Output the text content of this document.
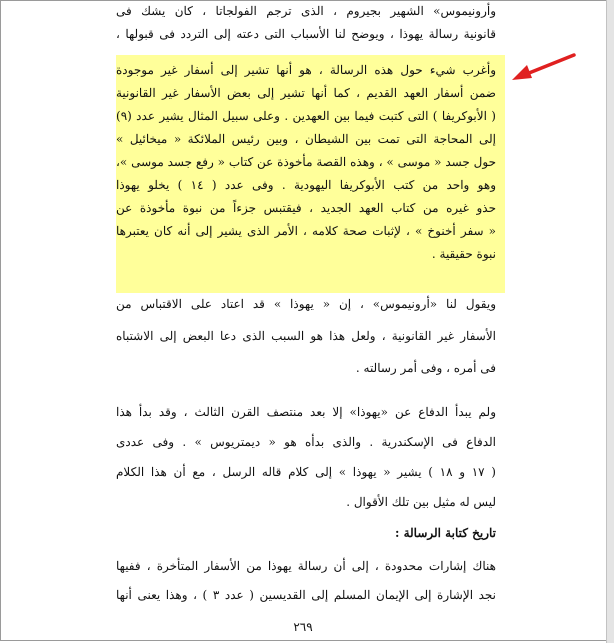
وأرونيموس» الشهير بجيروم ، الذى ترجم الفولجاتا ، كان يشك فى
قانونية رسالة يهوذا ، ويوضح لنا الأسباب التى دعته إلى التردد فى قبولها ،
وأغرب شيء حول هذه الرسالة ، هو أنها تشير إلى أسفار غير موجودة
ضمن أسفار العهد القديم ، كما أنها تشير إلى بعض الأسفار غير القانونية
( الأبوكريفا ) التى كتبت فيما بين العهدين . وعلى سبيل المثال يشير عدد (٩)
إلى المحاجة التى تمت بين الشيطان ، وبين رئيس الملائكة « ميخائيل »
حول جسد « موسى » ، وهذه القصة مأخوذة عن كتاب « رفع جسد موسى »،
وهو واحد من كتب الأبوكريفا اليهودية . وفى عدد ( ١٤ ) يخلو يهوذا
حذو غيره من كتاب العهد الجديد ، فيقتبس جزءاً من نبوة مأخوذة عن
« سفر أخنوخ » ، لإثبات صحة كلامه ، الأمر الذى يشير إلى أنه كان يعتبرها
نبوة حقيقية .
ويقول لنا «أرونيموس» ، إن « يهوذا » قد اعتاد على الاقتباس من
الأسفار غير القانونية ، ولعل هذا هو السبب الذى دعا البعض إلى الاشتباه
فى أمره ، وفى أمر رسالته .
ولم يبدأ الدفاع عن «يهوذا» إلا بعد منتصف القرن الثالث ، وقد بدأ هذا
الدفاع فى الإسكندرية . والذى بدأه هو « ديمتريوس » . وفى عددى
( ١٧ و ١٨ ) يشير « يهوذا » إلى كلام قاله الرسل ، مع أن هذا الكلام
ليس له مثيل بين تلك الأقوال .
تاريخ كتابة الرسالة :
هناك إشارات محدودة ، إلى أن رسالة يهوذا من الأسفار المتأخرة ، ففيها
نجد الإشارة إلى الإيمان المسلم إلى القديسين ( عدد ٣ ) ، وهذا يعنى أنها
٢٦٩
